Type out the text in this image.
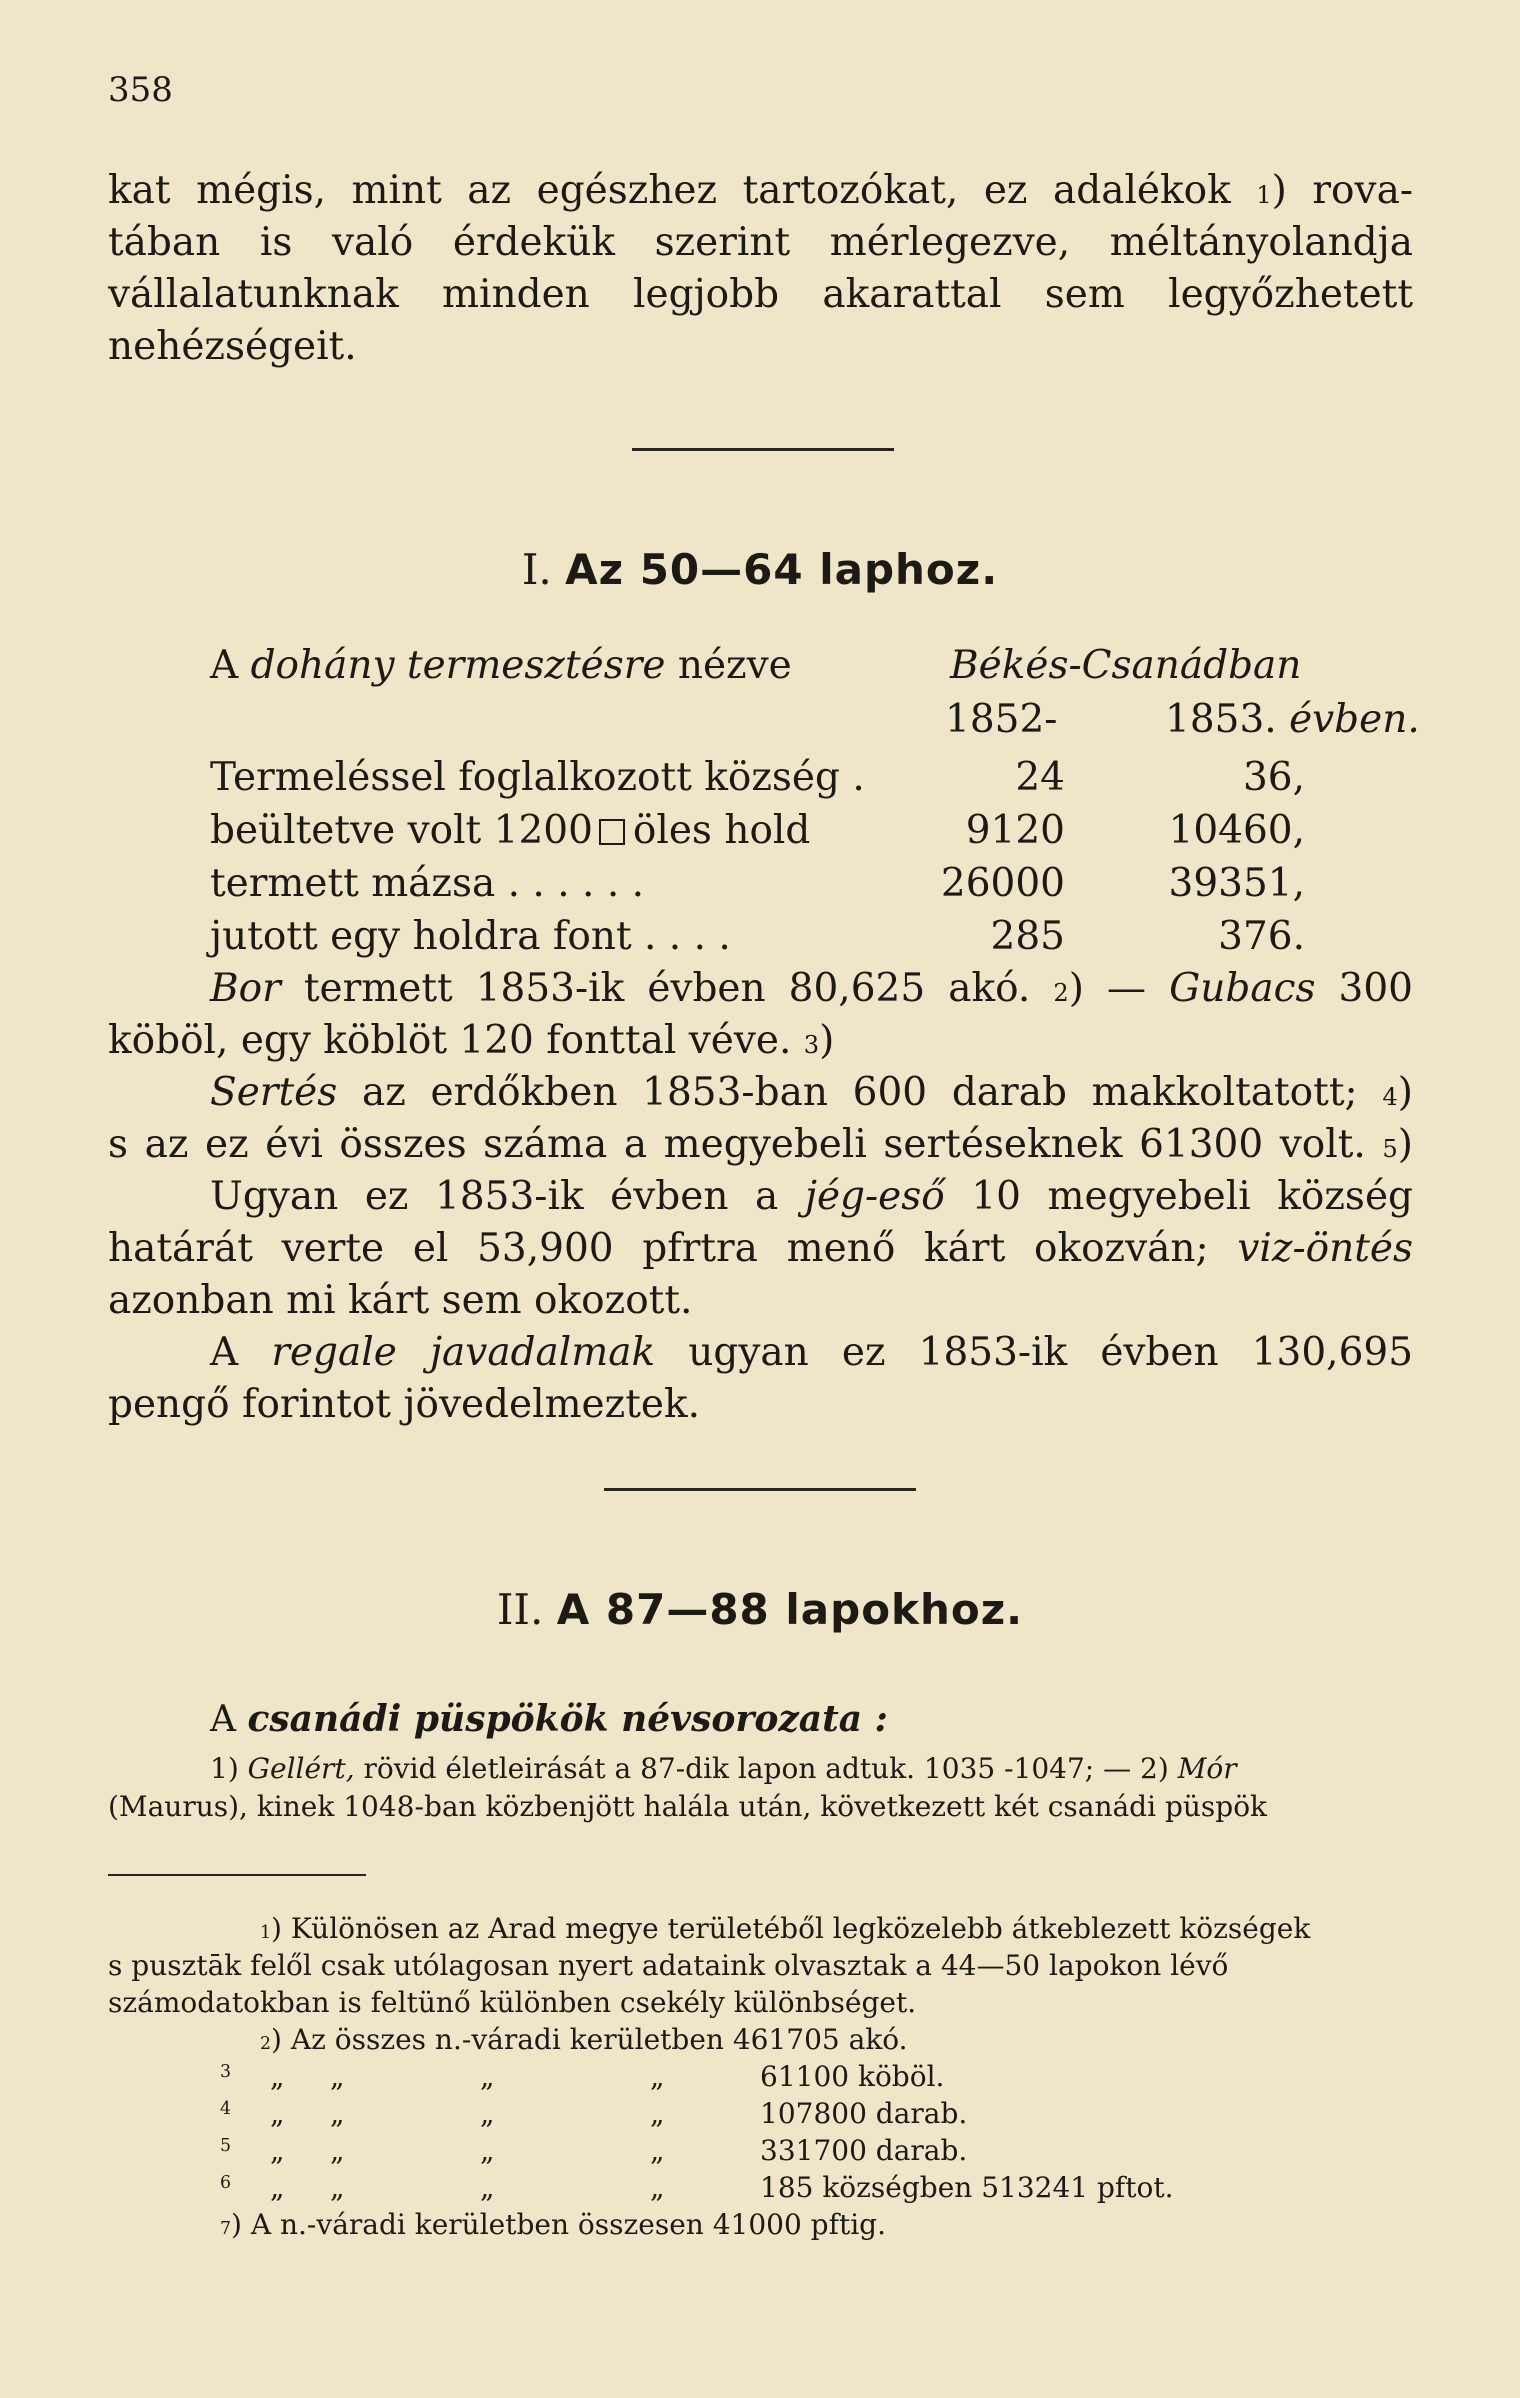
358
kat mégis, mint az egészhez tartozókat, ez adalékok $^1$) rova-
tában is való érdekük szerint mérlegezve, méltányolandja
vállalatunknak minden legjobb akarattal sem legyőzhetett
nehézségeit.
I. Az 50—64 laphoz.
A dohány termesztésre nézve	Békés-Csanádban
1852-	1853. évben.
Termeléssel foglalkozott község .	24	36,
beültetve volt 1200 öles hold	9120	10460,
termett mázsa . . . . . .	26000	39351,
jutott egy holdra font . . . .	285	376.
Bor termett 1853-ik évben 80,625 akó. $^2$) — Gubacs 300
köböl, egy köblöt 120 fonttal véve. $^3$)
Sertés az erdőkben 1853-ban 600 darab makkoltatott; $^4$)
s az ez évi összes száma a megyebeli sertéseknek 61300 volt. $^5$)
Ugyan ez 1853-ik évben a jég-eső 10 megyebeli község
határát verte el 53,900 pfrtra menő kárt okozván; viz-öntés
azonban mi kárt sem okozott.
A regale javadalmak ugyan ez 1853-ik évben 130,695
pengő forintot jövedelmeztek.
II. A 87—88 lapokhoz.
A csanádi püspökök névsorozata :
1) Gellért, rövid életleirását a 87-dik lapon adtuk. 1035 -1047; — 2) Mór
(Maurus), kinek 1048-ban közbenjött halála után, következett két csanádi püspök
$^1$) Különösen az Arad megye területéből legközelebb átkeblezett községek
s pusztāk felől csak utólagosan nyert adataink olvasztak a 44—50 lapokon lévő
számodatokban is feltünő különben csekély különbséget.
$^2$) Az összes n.-váradi kerületben 461705 akó.
3 „ „	„	„	61100 köböl.
4 „ „	„	„	107800 darab.
5 „ „	„	„	331700 darab.
6 „ „	„	„	185 községben 513241 pftot.
$^7$) A n.-váradi kerületben összesen 41000 pftig.
